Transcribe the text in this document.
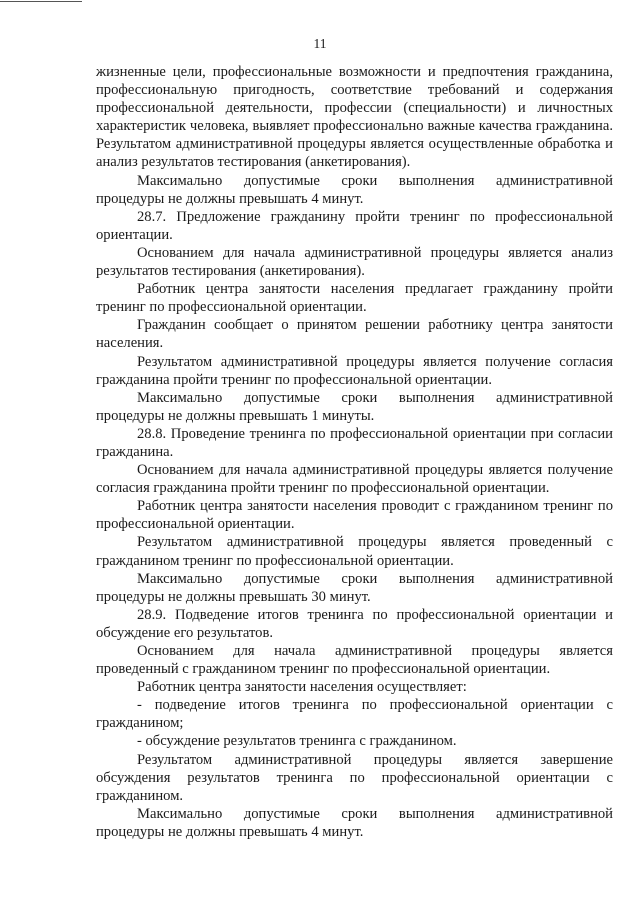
11

жизненные цели, профессиональные возможности и предпочтения гражданина, профессиональную пригодность, соответствие требований и содержания профессиональной деятельности, профессии (специальности) и личностных характеристик человека, выявляет профессионально важные качества гражданина. Результатом административной процедуры является осуществленные обработка и анализ результатов тестирования (анкетирования).

Максимально допустимые сроки выполнения административной процедуры не должны превышать 4 минут.

28.7. Предложение гражданину пройти тренинг по профессиональной ориентации.

Основанием для начала административной процедуры является анализ результатов тестирования (анкетирования).

Работник центра занятости населения предлагает гражданину пройти тренинг по профессиональной ориентации.

Гражданин сообщает о принятом решении работнику центра занятости населения.

Результатом административной процедуры является получение согласия гражданина пройти тренинг по профессиональной ориентации.

Максимально допустимые сроки выполнения административной процедуры не должны превышать 1 минуты.

28.8. Проведение тренинга по профессиональной ориентации при согласии гражданина.

Основанием для начала административной процедуры является получение согласия гражданина пройти тренинг по профессиональной ориентации.

Работник центра занятости населения проводит с гражданином тренинг по профессиональной ориентации.

Результатом административной процедуры является проведенный с гражданином тренинг по профессиональной ориентации.

Максимально допустимые сроки выполнения административной процедуры не должны превышать 30 минут.

28.9. Подведение итогов тренинга по профессиональной ориентации и обсуждение его результатов.

Основанием для начала административной процедуры является проведенный с гражданином тренинг по профессиональной ориентации.

Работник центра занятости населения осуществляет:

- подведение итогов тренинга по профессиональной ориентации с гражданином;

- обсуждение результатов тренинга с гражданином.

Результатом административной процедуры является завершение обсуждения результатов тренинга по профессиональной ориентации с гражданином.

Максимально допустимые сроки выполнения административной процедуры не должны превышать 4 минут.
